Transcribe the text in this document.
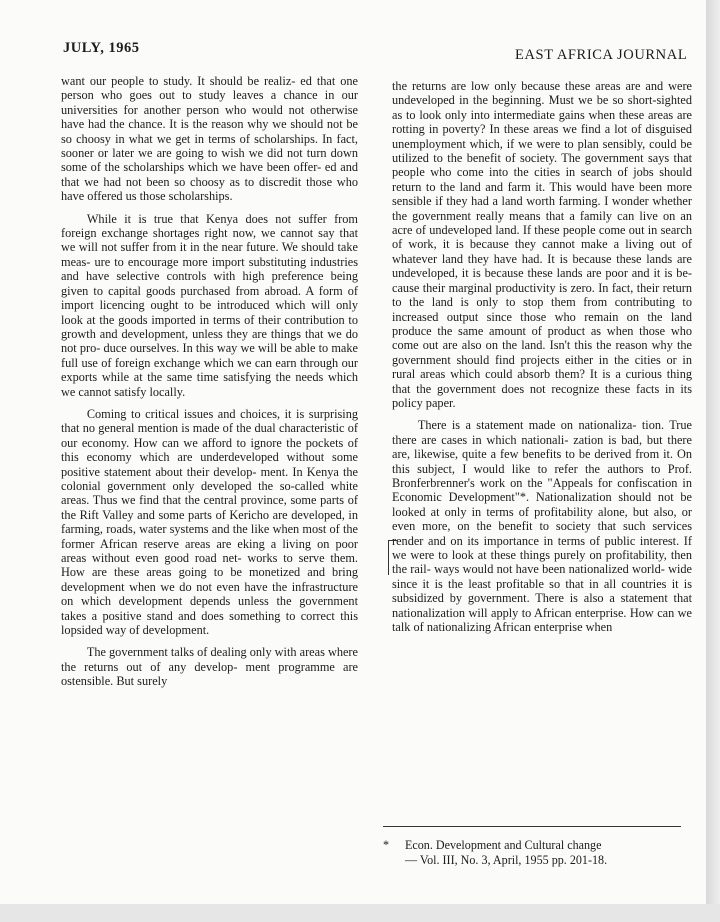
JULY, 1965	EAST AFRICA JOURNAL

want our people to study. It should be realiz- ed that one person who goes out to study leaves a chance in our universities for another person who would not otherwise have had the chance. It is the reason why we should not be so choosy in what we get in terms of scholarships. In fact, sooner or later we are going to wish we did not turn down some of the scholarships which we have been offer- ed and that we had not been so choosy as to discredit those who have offered us those scholarships.

While it is true that Kenya does not suffer from foreign exchange shortages right now, we cannot say that we will not suffer from it in the near future. We should take meas- ure to encourage more import substituting industries and have selective controls with high preference being given to capital goods purchased from abroad. A form of import licencing ought to be introduced which will only look at the goods imported in terms of their contribution to growth and development, unless they are things that we do not pro- duce ourselves. In this way we will be able to make full use of foreign exchange which we can earn through our exports while at the same time satisfying the needs which we cannot satisfy locally.

Coming to critical issues and choices, it is surprising that no general mention is made of the dual characteristic of our economy. How can we afford to ignore the pockets of this economy which are underdeveloped without some positive statement about their develop- ment. In Kenya the colonial government only developed the so-called white areas. Thus we find that the central province, some parts of the Rift Valley and some parts of Kericho are developed, in farming, roads, water systems and the like when most of the former African reserve areas are eking a living on poor areas without even good road net- works to serve them. How are these areas going to be monetized and bring development when we do not even have the infrastructure on which development depends unless the government takes a positive stand and does something to correct this lopsided way of development.

The government talks of dealing only with areas where the returns out of any develop- ment programme are ostensible. But surely

the returns are low only because these areas are and were undeveloped in the beginning. Must we be so short-sighted as to look only into intermediate gains when these areas are rotting in poverty? In these areas we find a lot of disguised unemployment which, if we were to plan sensibly, could be utilized to the benefit of society. The government says that people who come into the cities in search of jobs should return to the land and farm it. This would have been more sensible if they had a land worth farming. I wonder whether the government really means that a family can live on an acre of undeveloped land. If these people come out in search of work, it is because they cannot make a living out of whatever land they have had. It is because these lands are undeveloped, it is because these lands are poor and it is be- cause their marginal productivity is zero. In fact, their return to the land is only to stop them from contributing to increased output since those who remain on the land produce the same amount of product as when those who come out are also on the land. Isn't this the reason why the government should find projects either in the cities or in rural areas which could absorb them? It is a curious thing that the government does not recognize these facts in its policy paper.

There is a statement made on nationaliza- tion. True there are cases in which nationali- zation is bad, but there are, likewise, quite a few benefits to be derived from it. On this subject, I would like to refer the authors to Prof. Bronferbrenner's work on the "Appeals for confiscation in Economic Development"*. Nationalization should not be looked at only in terms of profitability alone, but also, or even more, on the benefit to society that such services render and on its importance in terms of public interest. If we were to look at these things purely on profitability, then the rail- ways would not have been nationalized world- wide since it is the least profitable so that in all countries it is subsidized by government. There is also a statement that nationalization will apply to African enterprise. How can we talk of nationalizing African enterprise when

* Econ. Development and Cultural change
— Vol. III, No. 3, April, 1955 pp. 201-18.
